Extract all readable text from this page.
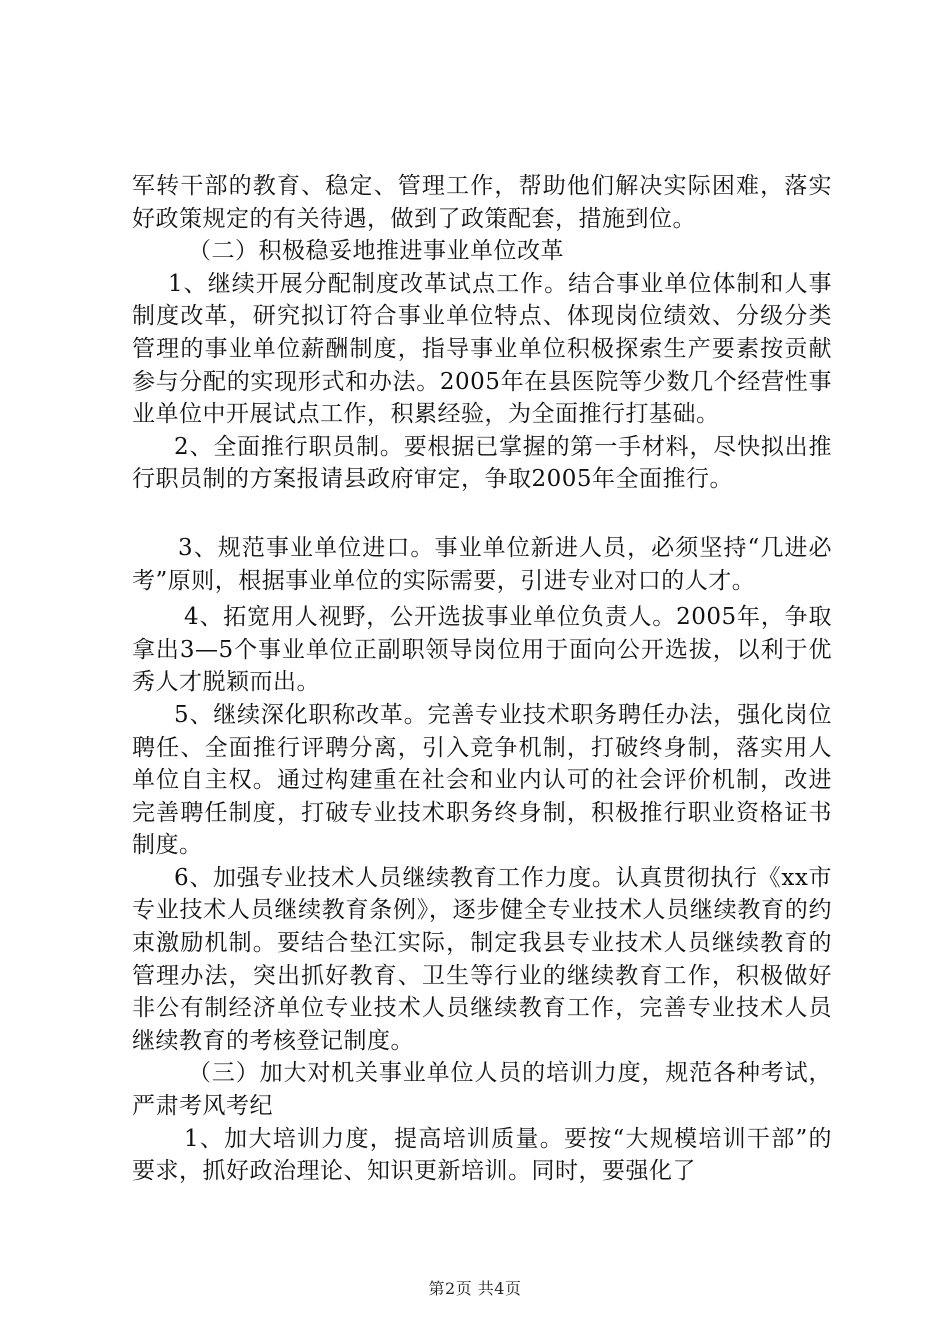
军转干部的教育、稳定、管理工作，帮助他们解决实际困难，落实好政策规定的有关待遇，做到了政策配套，措施到位。

（二）积极稳妥地推进事业单位改革

1、继续开展分配制度改革试点工作。结合事业单位体制和人事制度改革，研究拟订符合事业单位特点、体现岗位绩效、分级分类管理的事业单位薪酬制度，指导事业单位积极探索生产要素按贡献参与分配的实现形式和办法。2005年在县医院等少数几个经营性事业单位中开展试点工作，积累经验，为全面推行打基础。

2、全面推行职员制。要根据已掌握的第一手材料，尽快拟出推行职员制的方案报请县政府审定，争取2005年全面推行。

3、规范事业单位进口。事业单位新进人员，必须坚持“几进必考”原则，根据事业单位的实际需要，引进专业对口的人才。

4、拓宽用人视野，公开选拔事业单位负责人。2005年，争取拿出3—5个事业单位正副职领导岗位用于面向公开选拔，以利于优秀人才脱颖而出。

5、继续深化职称改革。完善专业技术职务聘任办法，强化岗位聘任、全面推行评聘分离，引入竞争机制，打破终身制，落实用人单位自主权。通过构建重在社会和业内认可的社会评价机制，改进完善聘任制度，打破专业技术职务终身制，积极推行职业资格证书制度。

6、加强专业技术人员继续教育工作力度。认真贯彻执行《xx市专业技术人员继续教育条例》，逐步健全专业技术人员继续教育的约束激励机制。要结合垫江实际，制定我县专业技术人员继续教育的管理办法，突出抓好教育、卫生等行业的继续教育工作，积极做好非公有制经济单位专业技术人员继续教育工作，完善专业技术人员继续教育的考核登记制度。

（三）加大对机关事业单位人员的培训力度，规范各种考试，严肃考风考纪

1、加大培训力度，提高培训质量。要按“大规模培训干部”的要求，抓好政治理论、知识更新培训。同时，要强化了

第2页 共4页
